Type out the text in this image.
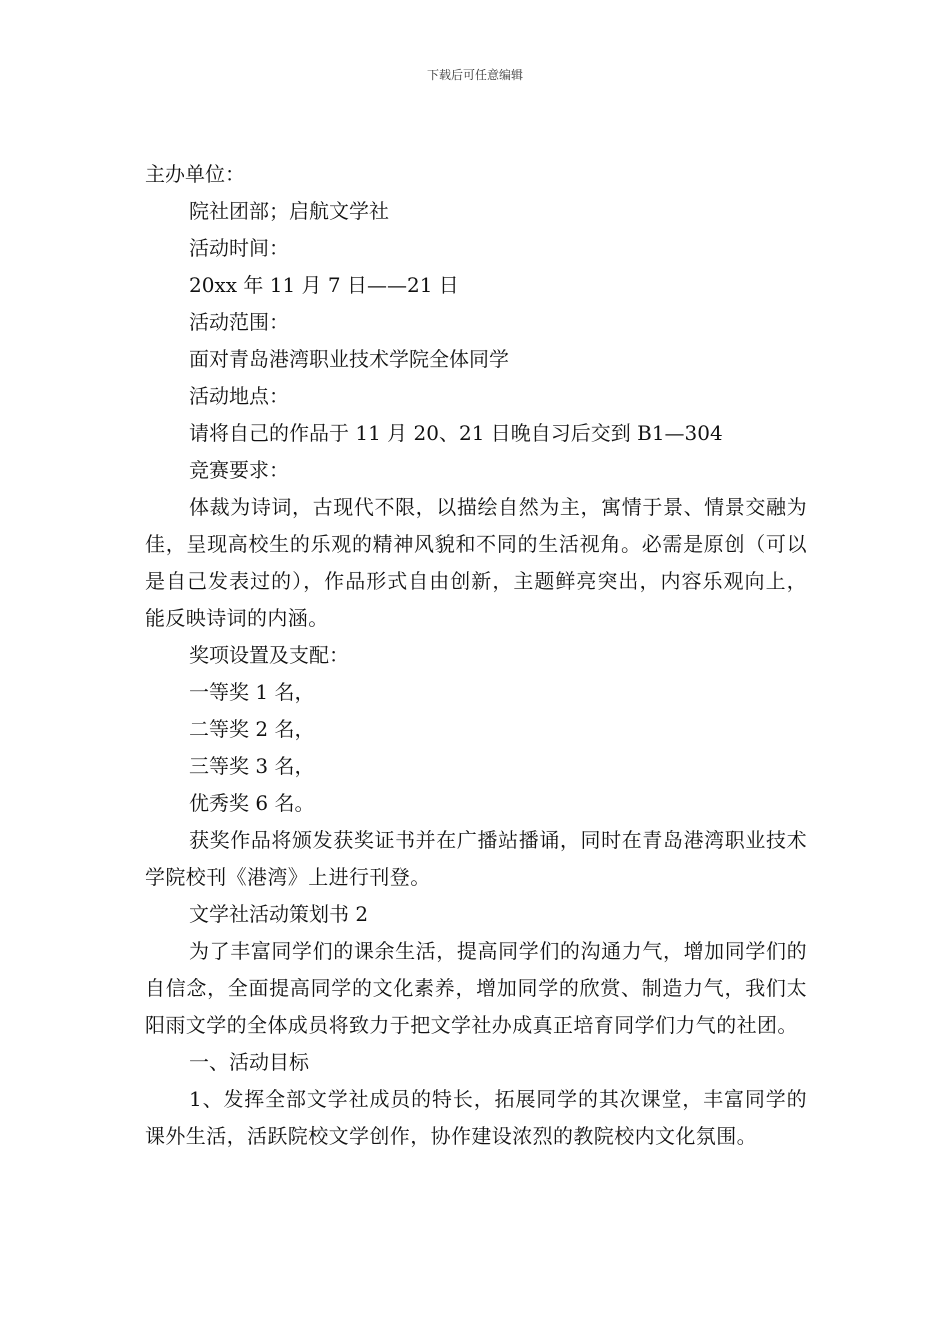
下载后可任意编辑

主办单位：

院社团部；启航文学社

活动时间：

20xx 年 11 月 7 日——21 日

活动范围：

面对青岛港湾职业技术学院全体同学

活动地点：

请将自己的作品于 11 月 20、21 日晚自习后交到 B1—304

竞赛要求：

体裁为诗词，古现代不限，以描绘自然为主，寓情于景、情景交融为佳，呈现高校生的乐观的精神风貌和不同的生活视角。必需是原创（可以是自己发表过的），作品形式自由创新，主题鲜亮突出，内容乐观向上，能反映诗词的内涵。

奖项设置及支配：

一等奖 1 名，

二等奖 2 名，

三等奖 3 名，

优秀奖 6 名。

获奖作品将颁发获奖证书并在广播站播诵，同时在青岛港湾职业技术学院校刊《港湾》上进行刊登。

文学社活动策划书 2

为了丰富同学们的课余生活，提高同学们的沟通力气，增加同学们的自信念，全面提高同学的文化素养，增加同学的欣赏、制造力气，我们太阳雨文学的全体成员将致力于把文学社办成真正培育同学们力气的社团。

一、活动目标

1、发挥全部文学社成员的特长，拓展同学的其次课堂，丰富同学的课外生活，活跃院校文学创作，协作建设浓烈的教院校内文化氛围。
